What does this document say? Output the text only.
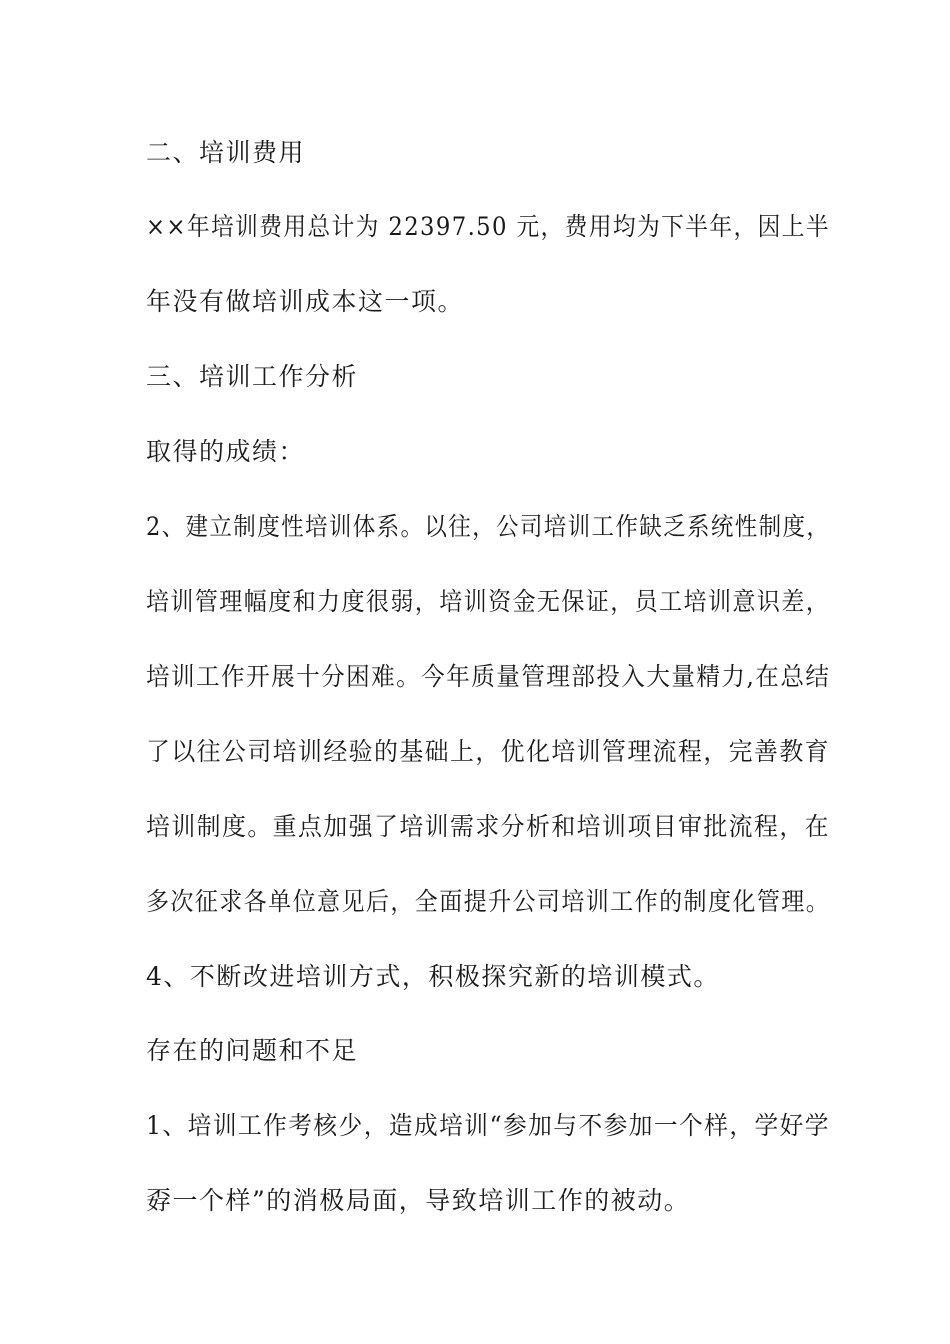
二、培训费用

××年培训费用总计为 22397.50 元，费用均为下半年，因上半

年没有做培训成本这一项。

三、培训工作分析

取得的成绩：

2、建立制度性培训体系。以往，公司培训工作缺乏系统性制度，

培训管理幅度和力度很弱，培训资金无保证，员工培训意识差，

培训工作开展十分困难。今年质量管理部投入大量精力,在总结

了以往公司培训经验的基础上，优化培训管理流程，完善教育

培训制度。重点加强了培训需求分析和培训项目审批流程，在

多次征求各单位意见后，全面提升公司培训工作的制度化管理。

4、不断改进培训方式，积极探究新的培训模式。

存在的问题和不足

1、培训工作考核少，造成培训“参加与不参加一个样，学好学

孬一个样”的消极局面，导致培训工作的被动。
